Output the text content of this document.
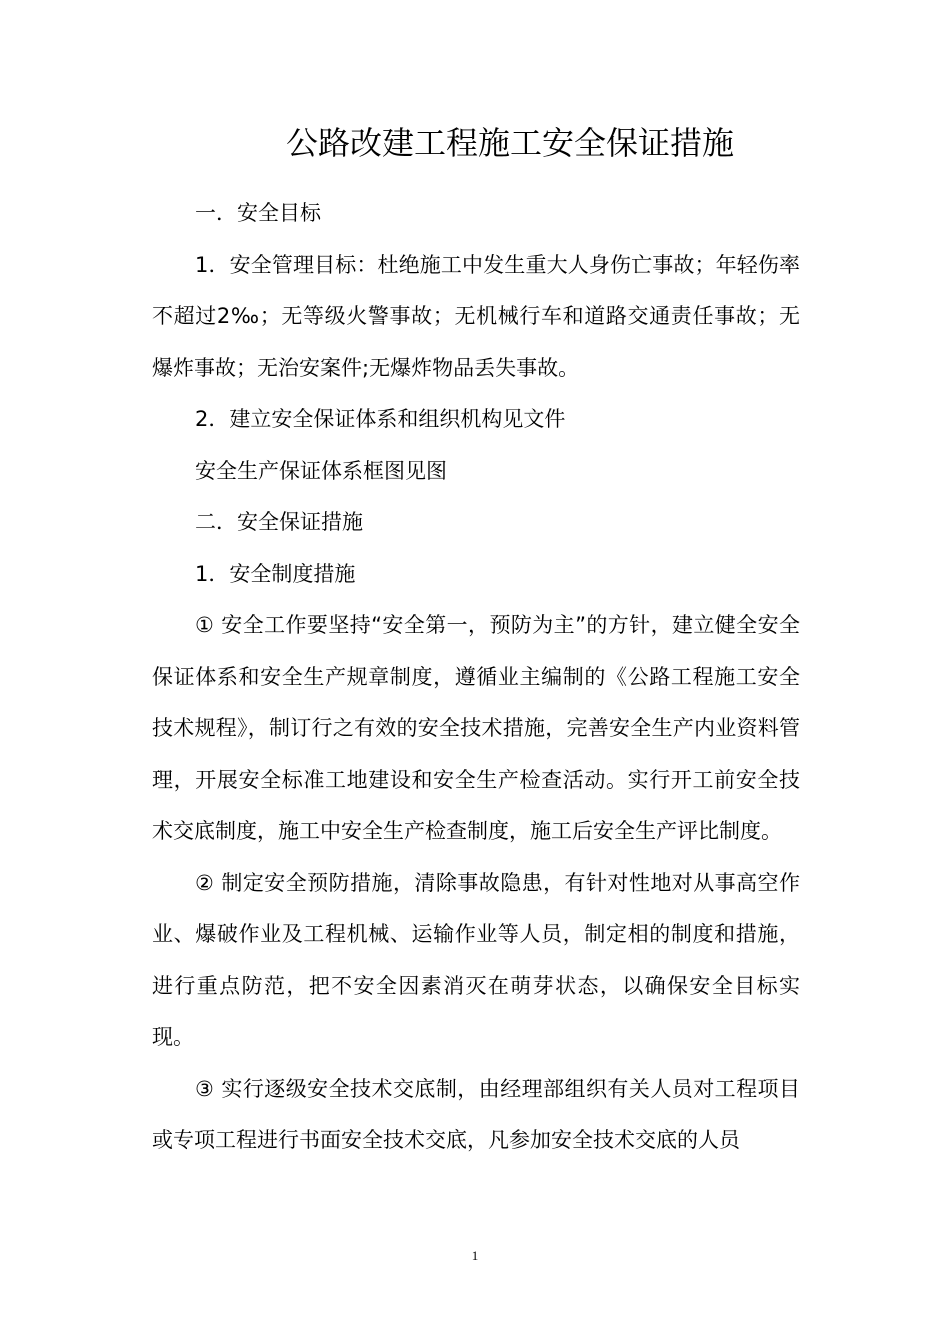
公路改建工程施工安全保证措施

一．安全目标

1．安全管理目标：杜绝施工中发生重大人身伤亡事故；年轻伤率不超过2‰；无等级火警事故；无机械行车和道路交通责任事故；无爆炸事故；无治安案件;无爆炸物品丢失事故。

2．建立安全保证体系和组织机构见文件

安全生产保证体系框图见图

二．安全保证措施

1．安全制度措施

① 安全工作要坚持“安全第一，预防为主”的方针，建立健全安全保证体系和安全生产规章制度，遵循业主编制的《公路工程施工安全技术规程》，制订行之有效的安全技术措施，完善安全生产内业资料管理，开展安全标准工地建设和安全生产检查活动。实行开工前安全技术交底制度，施工中安全生产检查制度，施工后安全生产评比制度。

② 制定安全预防措施，清除事故隐患，有针对性地对从事高空作业、爆破作业及工程机械、运输作业等人员，制定相的制度和措施，进行重点防范，把不安全因素消灭在萌芽状态，以确保安全目标实现。

③ 实行逐级安全技术交底制，由经理部组织有关人员对工程项目或专项工程进行书面安全技术交底，凡参加安全技术交底的人员

1
